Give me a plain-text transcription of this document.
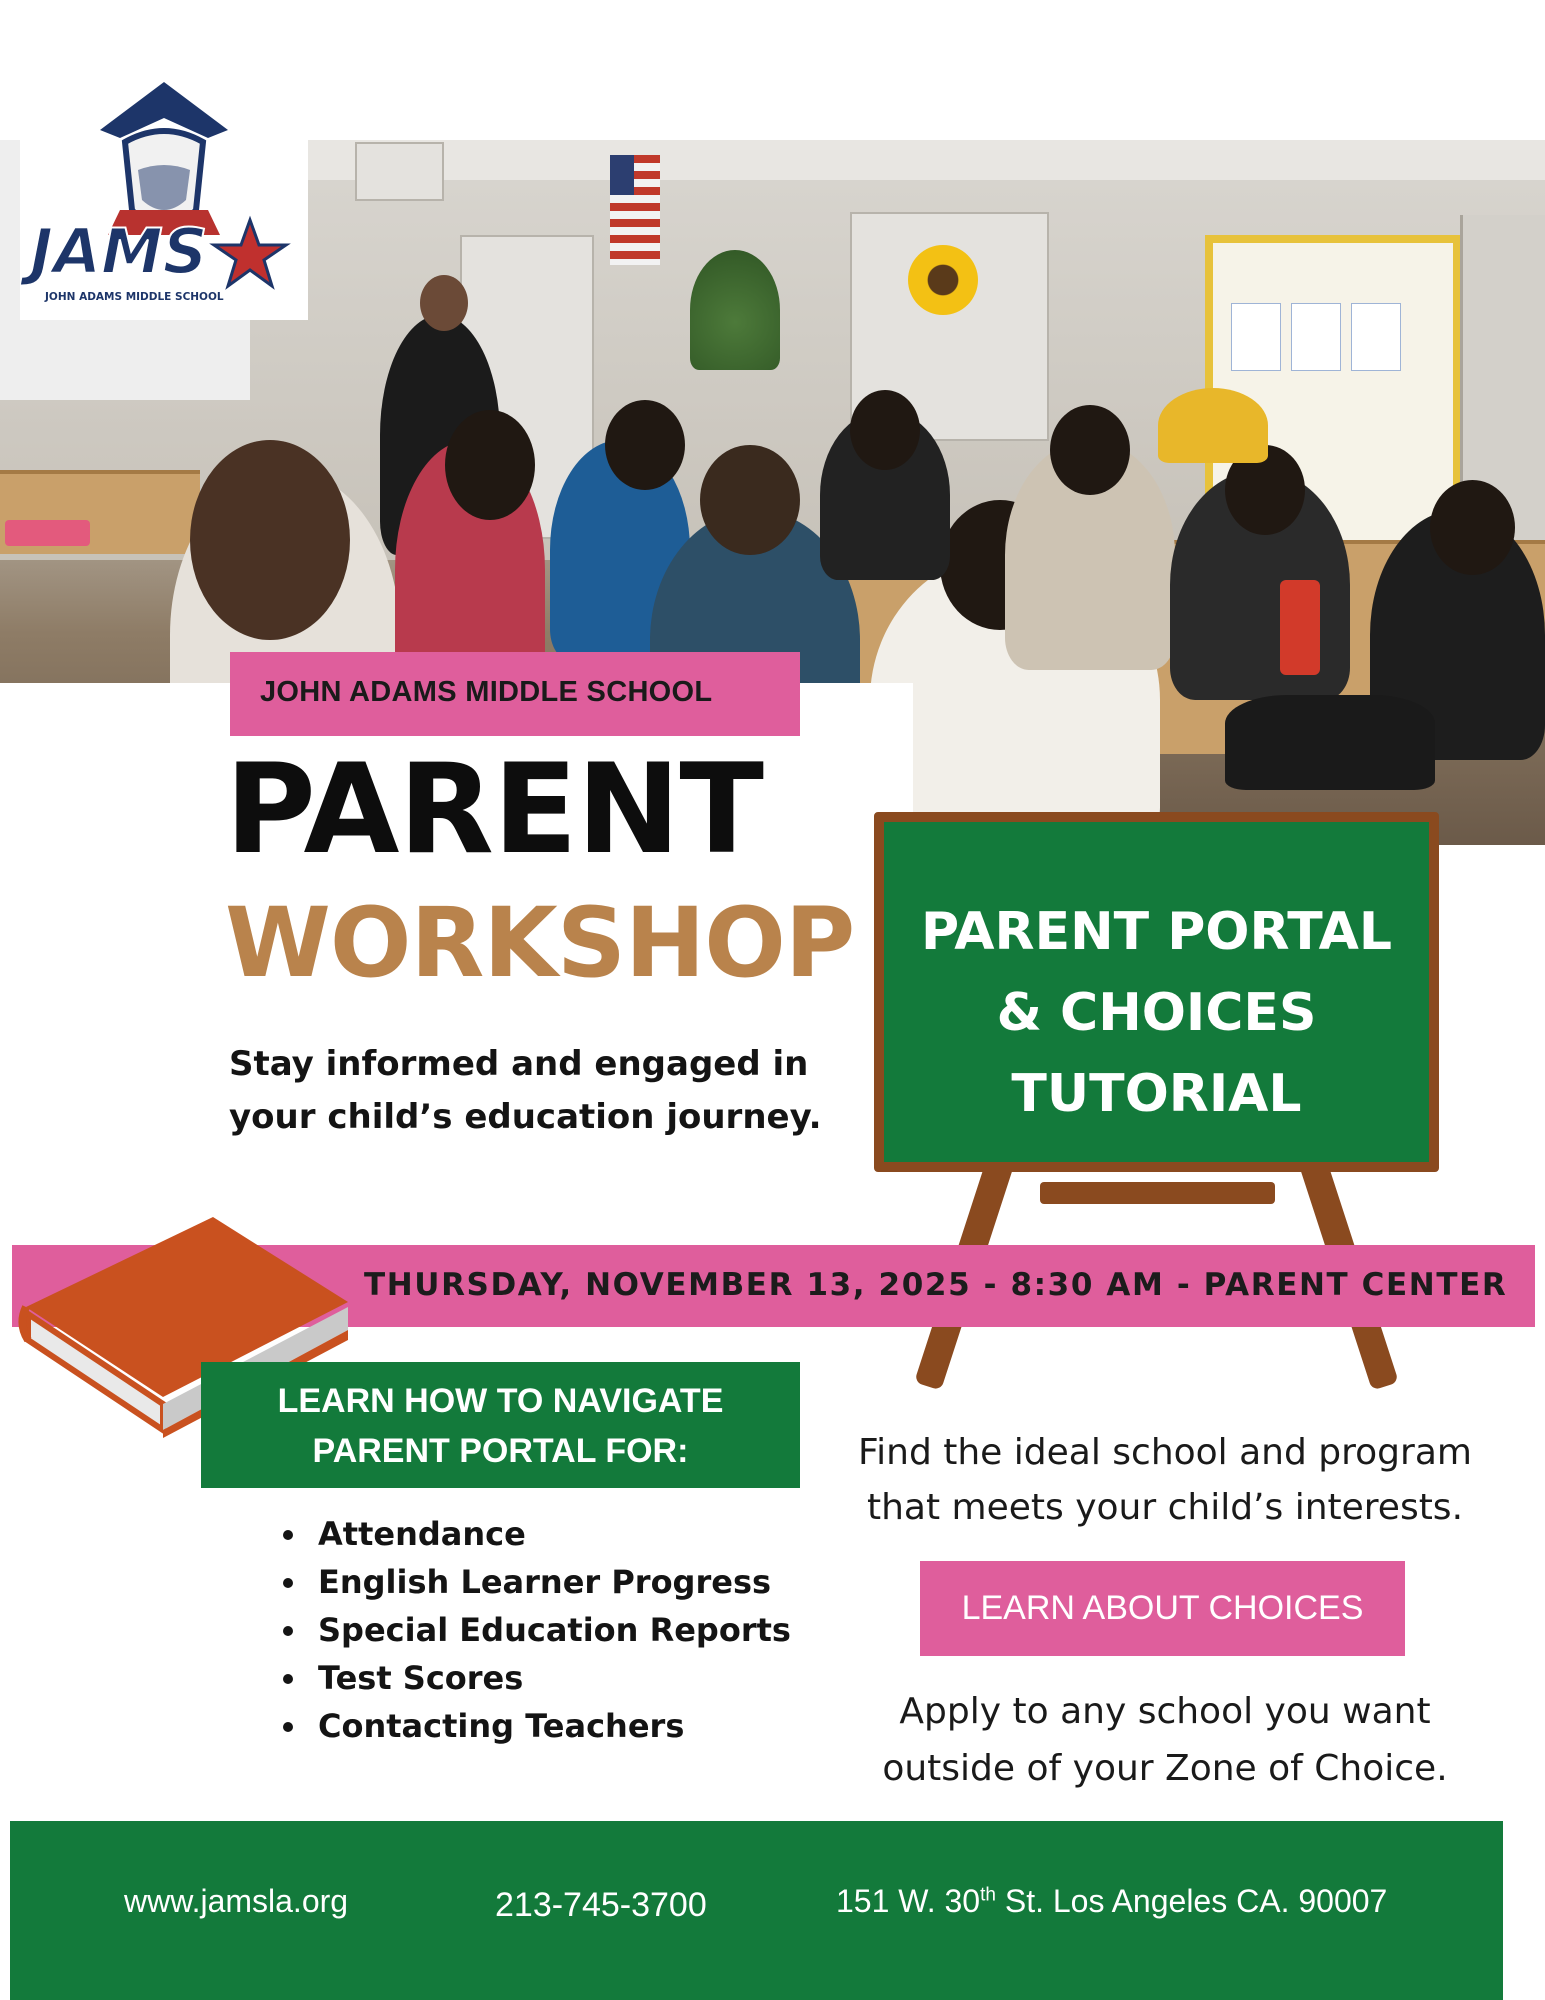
JAMS
JOHN ADAMS MIDDLE SCHOOL
JOHN ADAMS MIDDLE SCHOOL
PARENT
WORKSHOP
Stay informed and engaged in your child’s education journey.
PARENT PORTAL
& CHOICES
TUTORIAL
THURSDAY, NOVEMBER 13, 2025 - 8:30 AM - PARENT CENTER
LEARN HOW TO NAVIGATE
PARENT PORTAL FOR:
• Attendance
• English Learner Progress
• Special Education Reports
• Test Scores
• Contacting Teachers
Find the ideal school and program
that meets your child’s interests.
LEARN ABOUT CHOICES
Apply to any school you want
outside of your Zone of Choice.
www.jamsla.org	213-745-3700	151 W. 30th St. Los Angeles CA. 90007
